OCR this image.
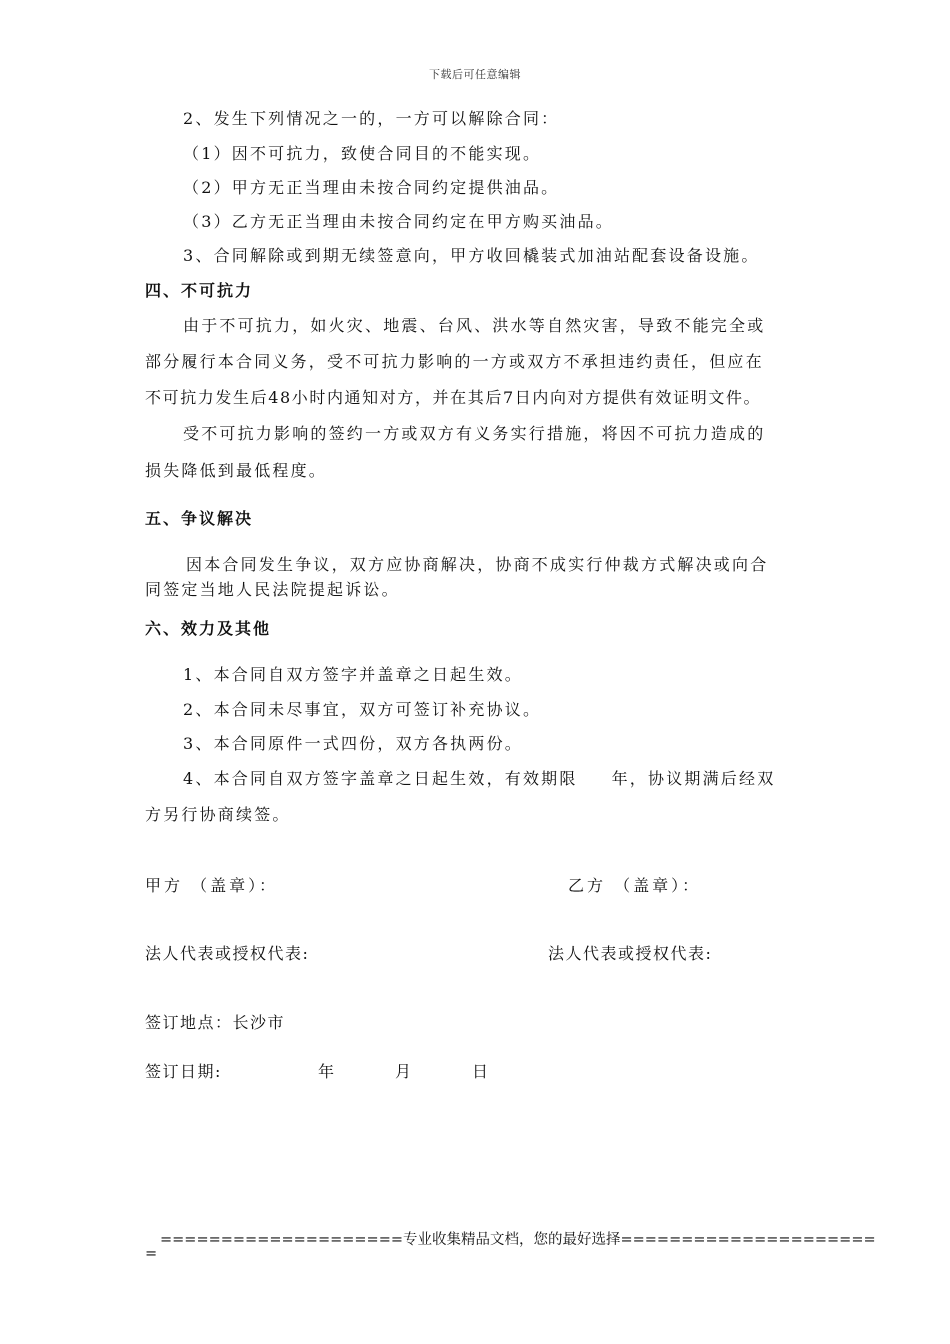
下载后可任意编辑
2、发生下列情况之一的，一方可以解除合同：
（1）因不可抗力，致使合同目的不能实现。
（2）甲方无正当理由未按合同约定提供油品。
（3）乙方无正当理由未按合同约定在甲方购买油品。
3、合同解除或到期无续签意向，甲方收回橇装式加油站配套设备设施。
四、不可抗力
由于不可抗力，如火灾、地震、台风、洪水等自然灾害，导致不能完全或
部分履行本合同义务，受不可抗力影响的一方或双方不承担违约责任，但应在
不可抗力发生后48小时内通知对方，并在其后7日内向对方提供有效证明文件。
受不可抗力影响的签约一方或双方有义务实行措施，将因不可抗力造成的
损失降低到最低程度。
五、争议解决
因本合同发生争议，双方应协商解决，协商不成实行仲裁方式解决或向合
同签定当地人民法院提起诉讼。
六、效力及其他
1、本合同自双方签字并盖章之日起生效。
2、本合同未尽事宜，双方可签订补充协议。
3、本合同原件一式四份，双方各执两份。
4、本合同自双方签字盖章之日起生效，有效期限 年，协议期满后经双
方另行协商续签。
甲方 （盖章）：	乙方 （盖章）：
法人代表或授权代表:	法人代表或授权代表:
签订地点：长沙市
签订日期:	年	月	日
====================专业收集精品文档，您的最好选择=====================
=
